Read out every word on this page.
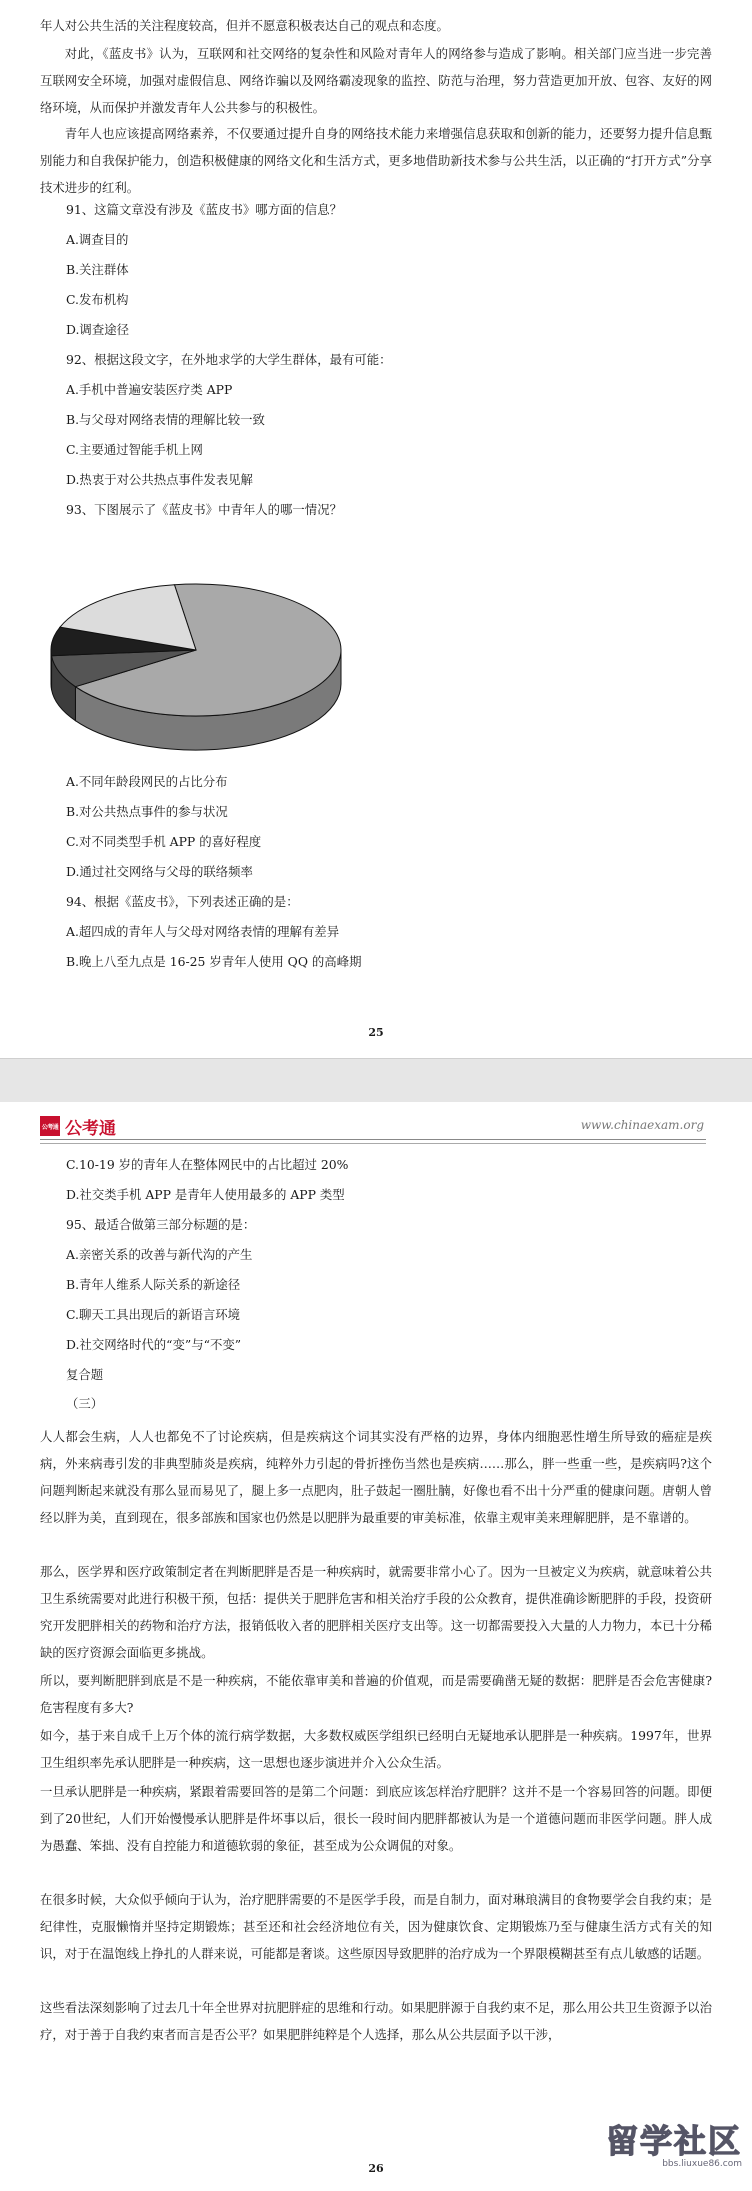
年人对公共生活的关注程度较高，但并不愿意积极表达自己的观点和态度。

对此，《蓝皮书》认为，互联网和社交网络的复杂性和风险对青年人的网络参与造成了影响。相关部门应当进一步完善互联网安全环境，加强对虚假信息、网络诈骗以及网络霸凌现象的监控、防范与治理，努力营造更加开放、包容、友好的网络环境，从而保护并激发青年人公共参与的积极性。

青年人也应该提高网络素养，不仅要通过提升自身的网络技术能力来增强信息获取和创新的能力，还要努力提升信息甄别能力和自我保护能力，创造积极健康的网络文化和生活方式，更多地借助新技术参与公共生活，以正确的“打开方式”分享技术进步的红利。

91、这篇文章没有涉及《蓝皮书》哪方面的信息？

A.调查目的

B.关注群体

C.发布机构

D.调查途径

92、根据这段文字，在外地求学的大学生群体，最有可能：

A.手机中普遍安装医疗类 APP

B.与父母对网络表情的理解比较一致

C.主要通过智能手机上网

D.热衷于对公共热点事件发表见解

93、下图展示了《蓝皮书》中青年人的哪一情况？

A.不同年龄段网民的占比分布

B.对公共热点事件的参与状况

C.对不同类型手机 APP 的喜好程度

D.通过社交网络与父母的联络频率

94、根据《蓝皮书》，下列表述正确的是：

A.超四成的青年人与父母对网络表情的理解有差异

B.晚上八至九点是 16-25 岁青年人使用 QQ 的高峰期

25
公考通 公考通	www.chinaexam.org

C.10-19 岁的青年人在整体网民中的占比超过 20%

D.社交类手机 APP 是青年人使用最多的 APP 类型

95、最适合做第三部分标题的是：

A.亲密关系的改善与新代沟的产生

B.青年人维系人际关系的新途径

C.聊天工具出现后的新语言环境

D.社交网络时代的“变”与“不变”

复合题

（三）

人人都会生病，人人也都免不了讨论疾病，但是疾病这个词其实没有严格的边界，身体内细胞恶性增生所导致的癌症是疾病，外来病毒引发的非典型肺炎是疾病，纯粹外力引起的骨折挫伤当然也是疾病……那么，胖一些重一些，是疾病吗?这个问题判断起来就没有那么显而易见了，腿上多一点肥肉，肚子鼓起一圈肚腩，好像也看不出十分严重的健康问题。唐朝人曾经以胖为美，直到现在，很多部族和国家也仍然是以肥胖为最重要的审美标准，依靠主观审美来理解肥胖，是不靠谱的。

那么，医学界和医疗政策制定者在判断肥胖是否是一种疾病时，就需要非常小心了。因为一旦被定义为疾病，就意味着公共卫生系统需要对此进行积极干预，包括：提供关于肥胖危害和相关治疗手段的公众教育，提供准确诊断肥胖的手段，投资研究开发肥胖相关的药物和治疗方法，报销低收入者的肥胖相关医疗支出等。这一切都需要投入大量的人力物力，本已十分稀缺的医疗资源会面临更多挑战。

所以，要判断肥胖到底是不是一种疾病，不能依靠审美和普遍的价值观，而是需要确凿无疑的数据：肥胖是否会危害健康?危害程度有多大?

如今，基于来自成千上万个体的流行病学数据，大多数权威医学组织已经明白无疑地承认肥胖是一种疾病。1997年，世界卫生组织率先承认肥胖是一种疾病，这一思想也逐步演进并介入公众生活。

一旦承认肥胖是一种疾病，紧跟着需要回答的是第二个问题：到底应该怎样治疗肥胖？这并不是一个容易回答的问题。即便到了20世纪，人们开始慢慢承认肥胖是件坏事以后，很长一段时间内肥胖都被认为是一个道德问题而非医学问题。胖人成为愚蠢、笨拙、没有自控能力和道德软弱的象征，甚至成为公众调侃的对象。

在很多时候，大众似乎倾向于认为，治疗肥胖需要的不是医学手段，而是自制力，面对琳琅满目的食物要学会自我约束；是纪律性，克服懒惰并坚持定期锻炼；甚至还和社会经济地位有关，因为健康饮食、定期锻炼乃至与健康生活方式有关的知识，对于在温饱线上挣扎的人群来说，可能都是奢谈。这些原因导致肥胖的治疗成为一个界限模糊甚至有点儿敏感的话题。

这些看法深刻影响了过去几十年全世界对抗肥胖症的思维和行动。如果肥胖源于自我约束不足，那么用公共卫生资源予以治疗，对于善于自我约束者而言是否公平？如果肥胖纯粹是个人选择，那么从公共层面予以干涉，

26
留学社区
bbs.liuxue86.com
